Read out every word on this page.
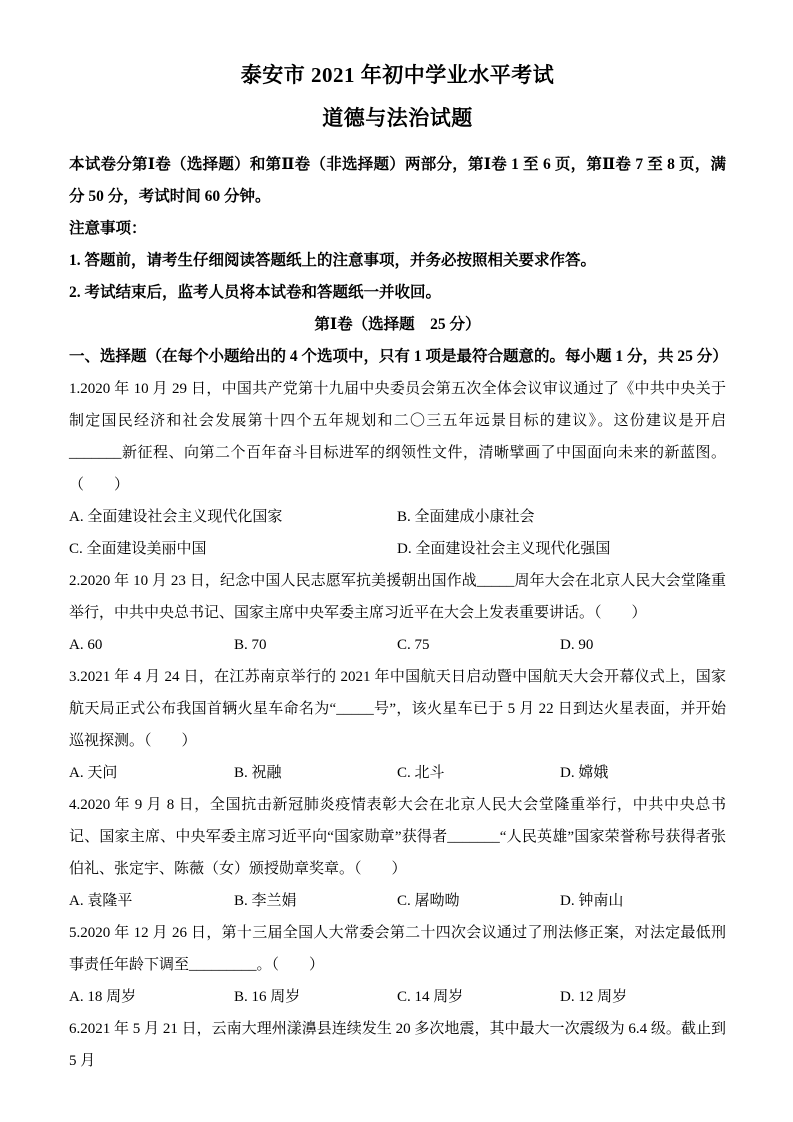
泰安市 2021 年初中学业水平考试
道德与法治试题

本试卷分第Ⅰ卷（选择题）和第Ⅱ卷（非选择题）两部分，第Ⅰ卷 1 至 6 页，第Ⅱ卷 7 至 8 页，满分 50 分，考试时间 60 分钟。

注意事项：

1. 答题前，请考生仔细阅读答题纸上的注意事项，并务必按照相关要求作答。

2. 考试结束后，监考人员将本试卷和答题纸一并收回。

第Ⅰ卷（选择题　25 分）

一、选择题（在每个小题给出的 4 个选项中，只有 1 项是最符合题意的。每小题 1 分，共 25 分）

1.2020 年 10 月 29 日，中国共产党第十九届中央委员会第五次全体会议审议通过了《中共中央关于制定国民经济和社会发展第十四个五年规划和二〇三五年远景目标的建议》。这份建议是开启_______新征程、向第二个百年奋斗目标进军的纲领性文件，清晰擘画了中国面向未来的新蓝图。（　　）

A. 全面建设社会主义现代化国家	B. 全面建成小康社会
C. 全面建设美丽中国	D. 全面建设社会主义现代化强国

2.2020 年 10 月 23 日，纪念中国人民志愿军抗美援朝出国作战_____周年大会在北京人民大会堂隆重举行，中共中央总书记、国家主席中央军委主席习近平在大会上发表重要讲话。（　　）

A. 60	B. 70	C. 75	D. 90

3.2021 年 4 月 24 日，在江苏南京举行的 2021 年中国航天日启动暨中国航天大会开幕仪式上，国家航天局正式公布我国首辆火星车命名为“_____号”，该火星车已于 5 月 22 日到达火星表面，并开始巡视探测。（　　）

A. 天问	B. 祝融	C. 北斗	D. 嫦娥

4.2020 年 9 月 8 日，全国抗击新冠肺炎疫情表彰大会在北京人民大会堂隆重举行，中共中央总书记、国家主席、中央军委主席习近平向“国家勋章”获得者_______“人民英雄”国家荣誉称号获得者张伯礼、张定宇、陈薇（女）颁授勋章奖章。（　　）

A. 袁隆平	B. 李兰娟	C. 屠呦呦	D. 钟南山

5.2020 年 12 月 26 日，第十三届全国人大常委会第二十四次会议通过了刑法修正案，对法定最低刑事责任年龄下调至_________。（　　）

A. 18 周岁	B. 16 周岁	C. 14 周岁	D. 12 周岁

6.2021 年 5 月 21 日，云南大理州漾濞县连续发生 20 多次地震，其中最大一次震级为 6.4 级。截止到 5 月
